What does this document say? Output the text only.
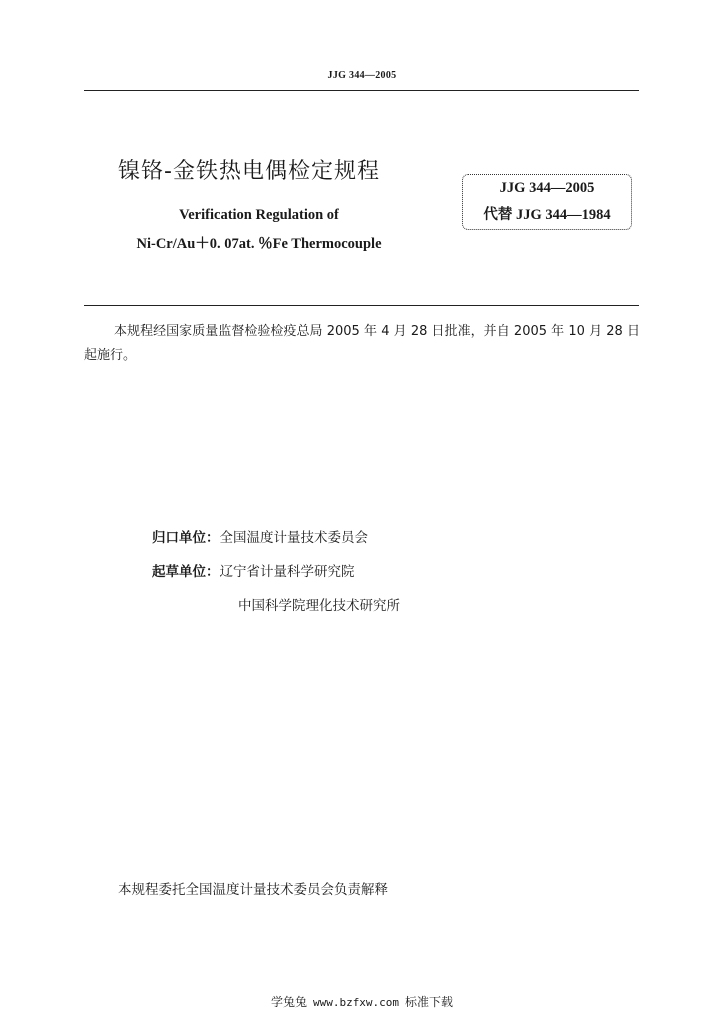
JJG 344—2005
镍铬-金铁热电偶检定规程
Verification Regulation of
Ni-Cr/Au＋0. 07at. ％Fe Thermocouple
JJG 344—2005
代替 JJG 344—1984
本规程经国家质量监督检验检疫总局 2005 年 4 月 28 日批准，并自 2005 年 10 月 28 日起施行。
归口单位：全国温度计量技术委员会
起草单位：辽宁省计量科学研究院
中国科学院理化技术研究所
本规程委托全国温度计量技术委员会负责解释
学兔兔 www.bzfxw.com 标准下载
